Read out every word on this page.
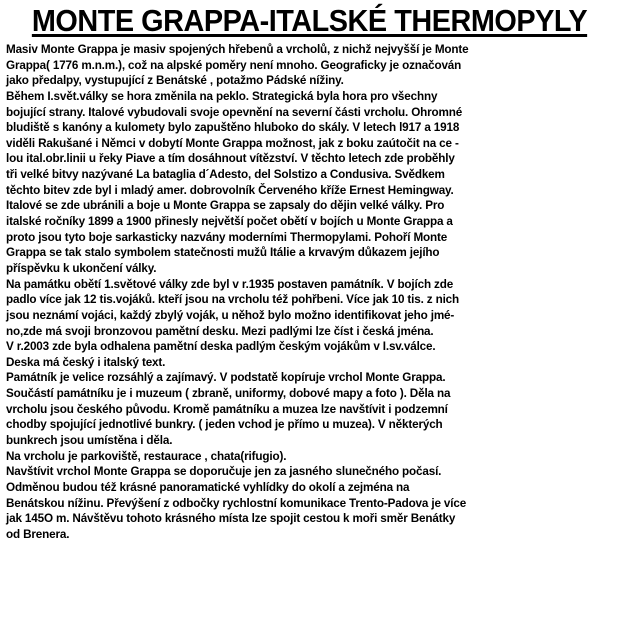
MONTE GRAPPA-ITALSKÉ THERMOPYLY
Masiv Monte Grappa je masiv spojených hřebenů a vrcholů, z nichž nejvyšší je Monte
Grappa( 1776 m.n.m.), což na alpské poměry není mnoho. Geograficky je označován
jako předalpy, vystupující z Benátské , potažmo Pádské nížiny.
Během I.svět.války se hora změnila na peklo. Strategická byla hora pro všechny
bojující strany. Italové vybudovali svoje opevnění na severní části vrcholu. Ohromné
bludiště s kanóny a kulomety bylo zapuštěno hluboko do skály. V letech l917 a 1918
viděli Rakušané i Němci v dobytí Monte Grappa možnost, jak z boku zaútočit na ce -
lou ital.obr.linii u řeky Piave a tím dosáhnout vítězství. V těchto letech zde proběhly
tři velké bitvy nazývané La bataglia d´Adesto, del Solstizo a Condusiva. Svědkem
těchto bitev zde byl i mladý amer. dobrovolník Červeného kříže Ernest Hemingway.
Italové se zde ubránili a boje u Monte Grappa se zapsaly do dějin velké války. Pro
italské ročníky 1899 a 1900 přinesly největší počet obětí v bojích u Monte Grappa a
proto jsou tyto boje sarkasticky nazvány moderními Thermopylami. Pohoří Monte
Grappa se tak stalo symbolem statečnosti mužů Itálie a krvavým důkazem jejího
příspěvku k ukončení války.
Na památku obětí 1.světové války zde byl v r.1935 postaven památník. V bojích zde
padlo více jak 12 tis.vojáků. kteří jsou na vrcholu též pohřbeni. Více jak 10 tis. z nich
jsou neznámí vojáci, každý zbylý voják, u něhož bylo možno identifikovat jeho jmé-
no,zde má svoji bronzovou pamětní desku. Mezi padlými lze číst i česká jména.
V r.2003 zde byla odhalena pamětní deska padlým českým vojákům v I.sv.válce.
Deska má český i italský text.
Památník je velice rozsáhlý a zajímavý. V podstatě kopíruje vrchol Monte Grappa.
Součástí památníku je i muzeum ( zbraně, uniformy, dobové mapy a foto ). Děla na
vrcholu jsou českého původu. Kromě památníku a muzea lze navštívit i podzemní
chodby spojující jednotlivé bunkry. ( jeden vchod je přímo u muzea). V některých
bunkrech jsou umístěna i děla.
Na vrcholu je parkoviště, restaurace , chata(rifugio).
Navštívit vrchol Monte Grappa se doporučuje jen za jasného slunečného počasí.
Odměnou budou též krásné panoramatické vyhlídky do okolí a zejména na
Benátskou nížinu. Převýšení z odbočky rychlostní komunikace Trento-Padova je více
jak 145O m. Návštěvu tohoto krásného místa lze spojit cestou k moři směr Benátky
od Brenera.
